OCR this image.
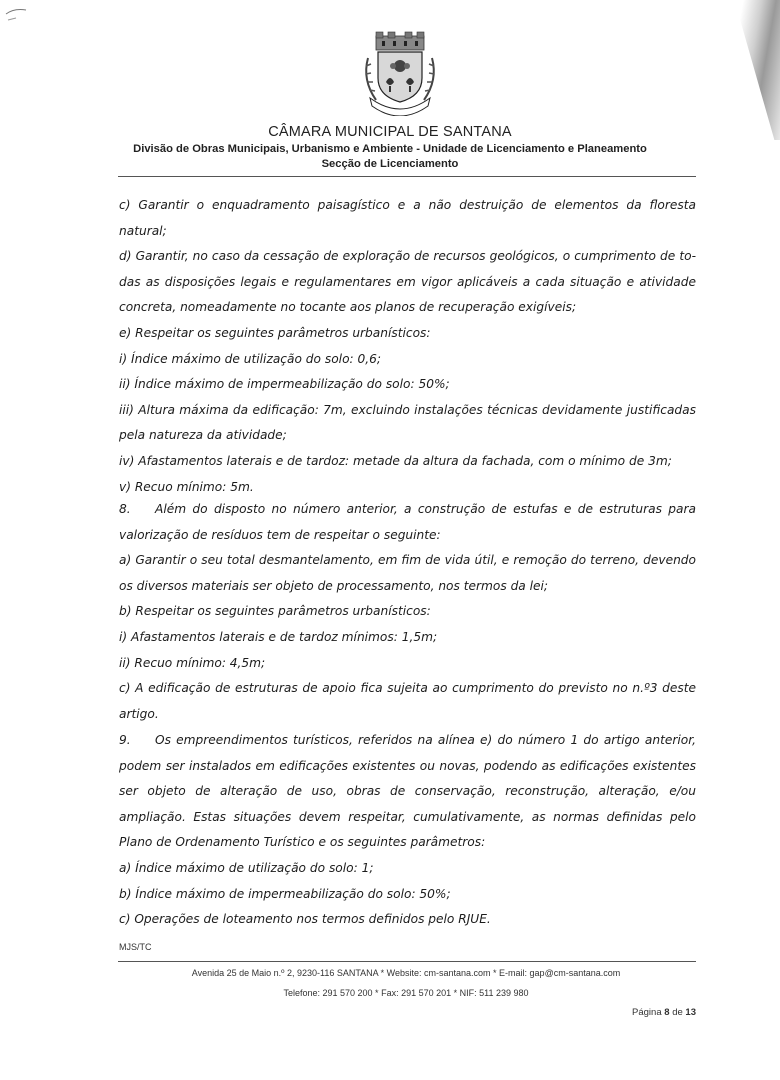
CÂMARA MUNICIPAL DE SANTANA
Divisão de Obras Municipais, Urbanismo e Ambiente - Unidade de Licenciamento e Planeamento
Secção de Licenciamento

c) Garantir o enquadramento paisagístico e a não destruição de elementos da floresta natural;

d) Garantir, no caso da cessação de exploração de recursos geológicos, o cumprimento de to- das as disposições legais e regulamentares em vigor aplicáveis a cada situação e atividade concreta, nomeadamente no tocante aos planos de recuperação exigíveis;

e) Respeitar os seguintes parâmetros urbanísticos:

i) Índice máximo de utilização do solo: 0,6;

ii) Índice máximo de impermeabilização do solo: 50%;

iii) Altura máxima da edificação: 7m, excluindo instalações técnicas devidamente justificadas pela natureza da atividade;

iv) Afastamentos laterais e de tardoz: metade da altura da fachada, com o mínimo de 3m;

v) Recuo mínimo: 5m.

8. Além do disposto no número anterior, a construção de estufas e de estruturas para valorização de resíduos tem de respeitar o seguinte:

a) Garantir o seu total desmantelamento, em fim de vida útil, e remoção do terreno, devendo os diversos materiais ser objeto de processamento, nos termos da lei;

b) Respeitar os seguintes parâmetros urbanísticos:

i) Afastamentos laterais e de tardoz mínimos: 1,5m;

ii) Recuo mínimo: 4,5m;

c) A edificação de estruturas de apoio fica sujeita ao cumprimento do previsto no n.º3 deste artigo.

9. Os empreendimentos turísticos, referidos na alínea e) do número 1 do artigo anterior, podem ser instalados em edificações existentes ou novas, podendo as edificações existentes ser objeto de alteração de uso, obras de conservação, reconstrução, alteração, e/ou ampliação. Estas situações devem respeitar, cumulativamente, as normas definidas pelo Plano de Ordenamento Turístico e os seguintes parâmetros:

a) Índice máximo de utilização do solo: 1;

b) Índice máximo de impermeabilização do solo: 50%;

c) Operações de loteamento nos termos definidos pelo RJUE.

MJS/TC
Avenida 25 de Maio n.º 2, 9230-116 SANTANA * Website: cm-santana.com * E-mail: gap@cm-santana.com
Telefone: 291 570 200 * Fax: 291 570 201 * NIF: 511 239 980
Página 8 de 13
